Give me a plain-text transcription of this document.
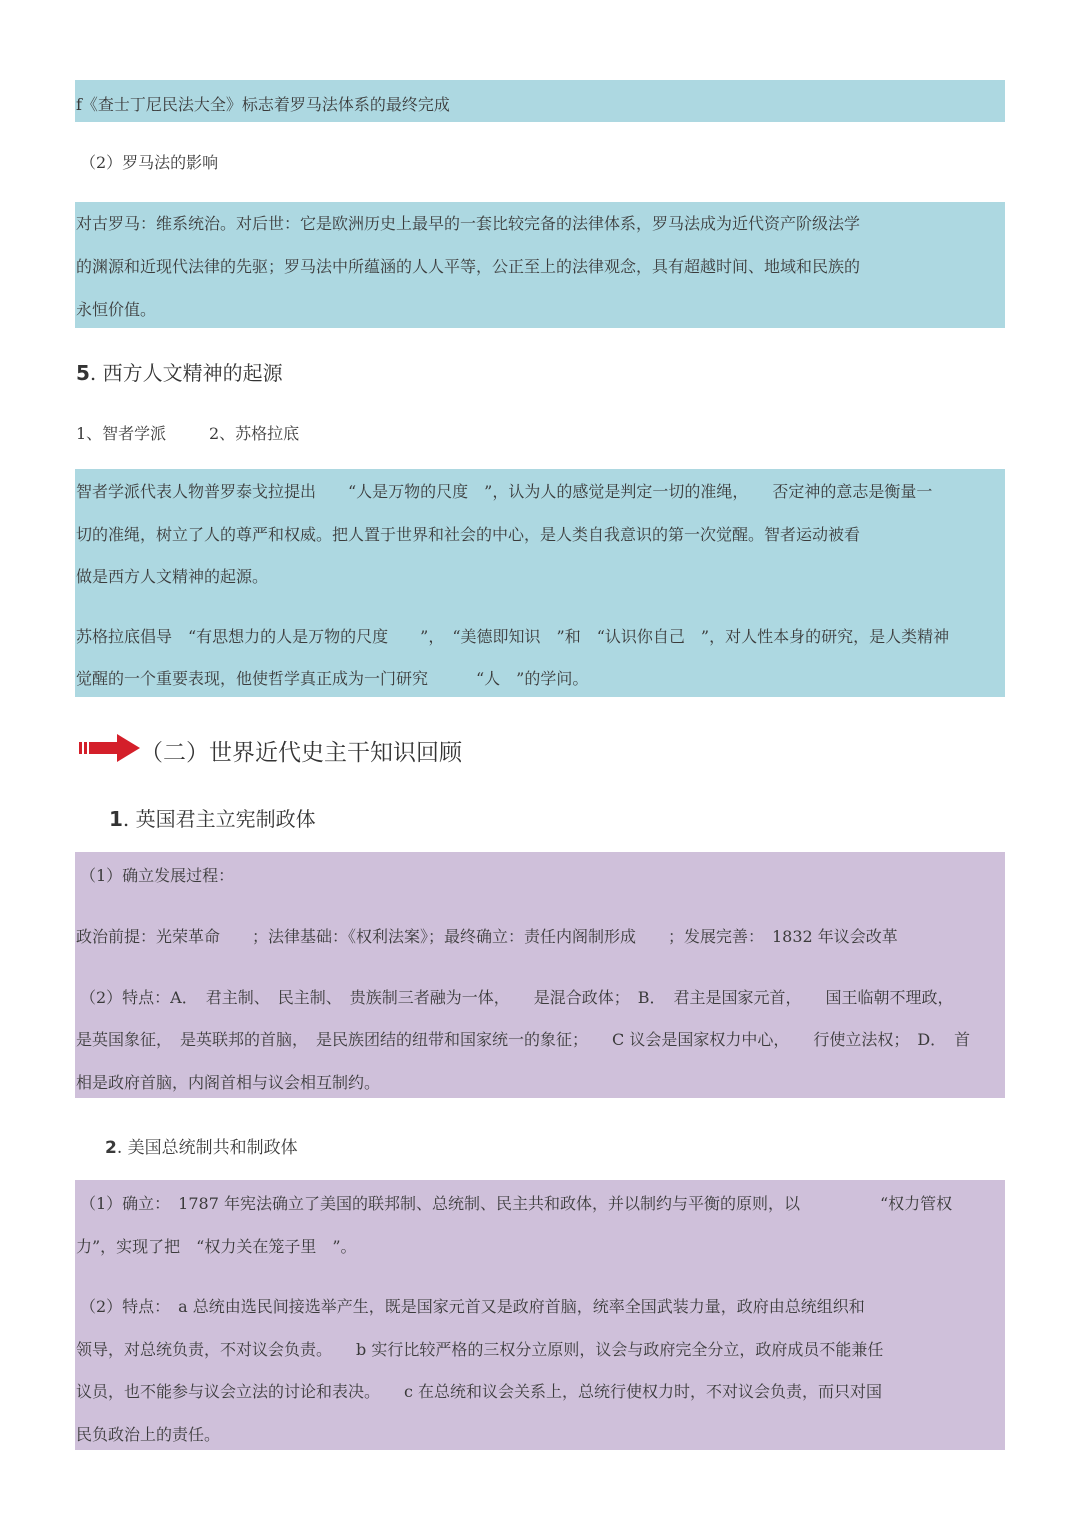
f《查士丁尼民法大全》标志着罗马法体系的最终完成
（2）罗马法的影响
对古罗马：维系统治。对后世：它是欧洲历史上最早的一套比较完备的法律体系，罗马法成为近代资产阶级法学
的渊源和近现代法律的先驱；罗马法中所蕴涵的人人平等，公正至上的法律观念，具有超越时间、地域和民族的
永恒价值。
5. 西方人文精神的起源
1、智者学派	2、苏格拉底
智者学派代表人物普罗泰戈拉提出　　“人是万物的尺度　”，认为人的感觉是判定一切的准绳，　　否定神的意志是衡量一
切的准绳，树立了人的尊严和权威。把人置于世界和社会的中心，是人类自我意识的第一次觉醒。智者运动被看
做是西方人文精神的起源。
苏格拉底倡导　“有思想力的人是万物的尺度　　”，　“美德即知识　”和　“认识你自己　”，对人性本身的研究，是人类精神
觉醒的一个重要表现，他使哲学真正成为一门研究　　　“人　”的学问。
（二）世界近代史主干知识回顾
1. 英国君主立宪制政体
（1）确立发展过程：
政治前提：光荣革命　　；法律基础：《权利法案》；最终确立：责任内阁制形成　　；发展完善：　1832 年议会改革
（2）特点：A．　君主制、　民主制、　贵族制三者融为一体，　　是混合政体；　B．　君主是国家元首，　　国王临朝不理政，
是英国象征，　是英联邦的首脑，　是民族团结的纽带和国家统一的象征；　　C 议会是国家权力中心，　　行使立法权；　D．　首
相是政府首脑，内阁首相与议会相互制约。
2. 美国总统制共和制政体
（1）确立：　1787 年宪法确立了美国的联邦制、总统制、民主共和政体，并以制约与平衡的原则，以　　　　　“权力管权
力”，实现了把　“权力关在笼子里　”。
（2）特点：　a 总统由选民间接选举产生，既是国家元首又是政府首脑，统率全国武装力量，政府由总统组织和
领导，对总统负责，不对议会负责。　　b 实行比较严格的三权分立原则，议会与政府完全分立，政府成员不能兼任
议员，也不能参与议会立法的讨论和表决。　　c 在总统和议会关系上，总统行使权力时，不对议会负责，而只对国
民负政治上的责任。
